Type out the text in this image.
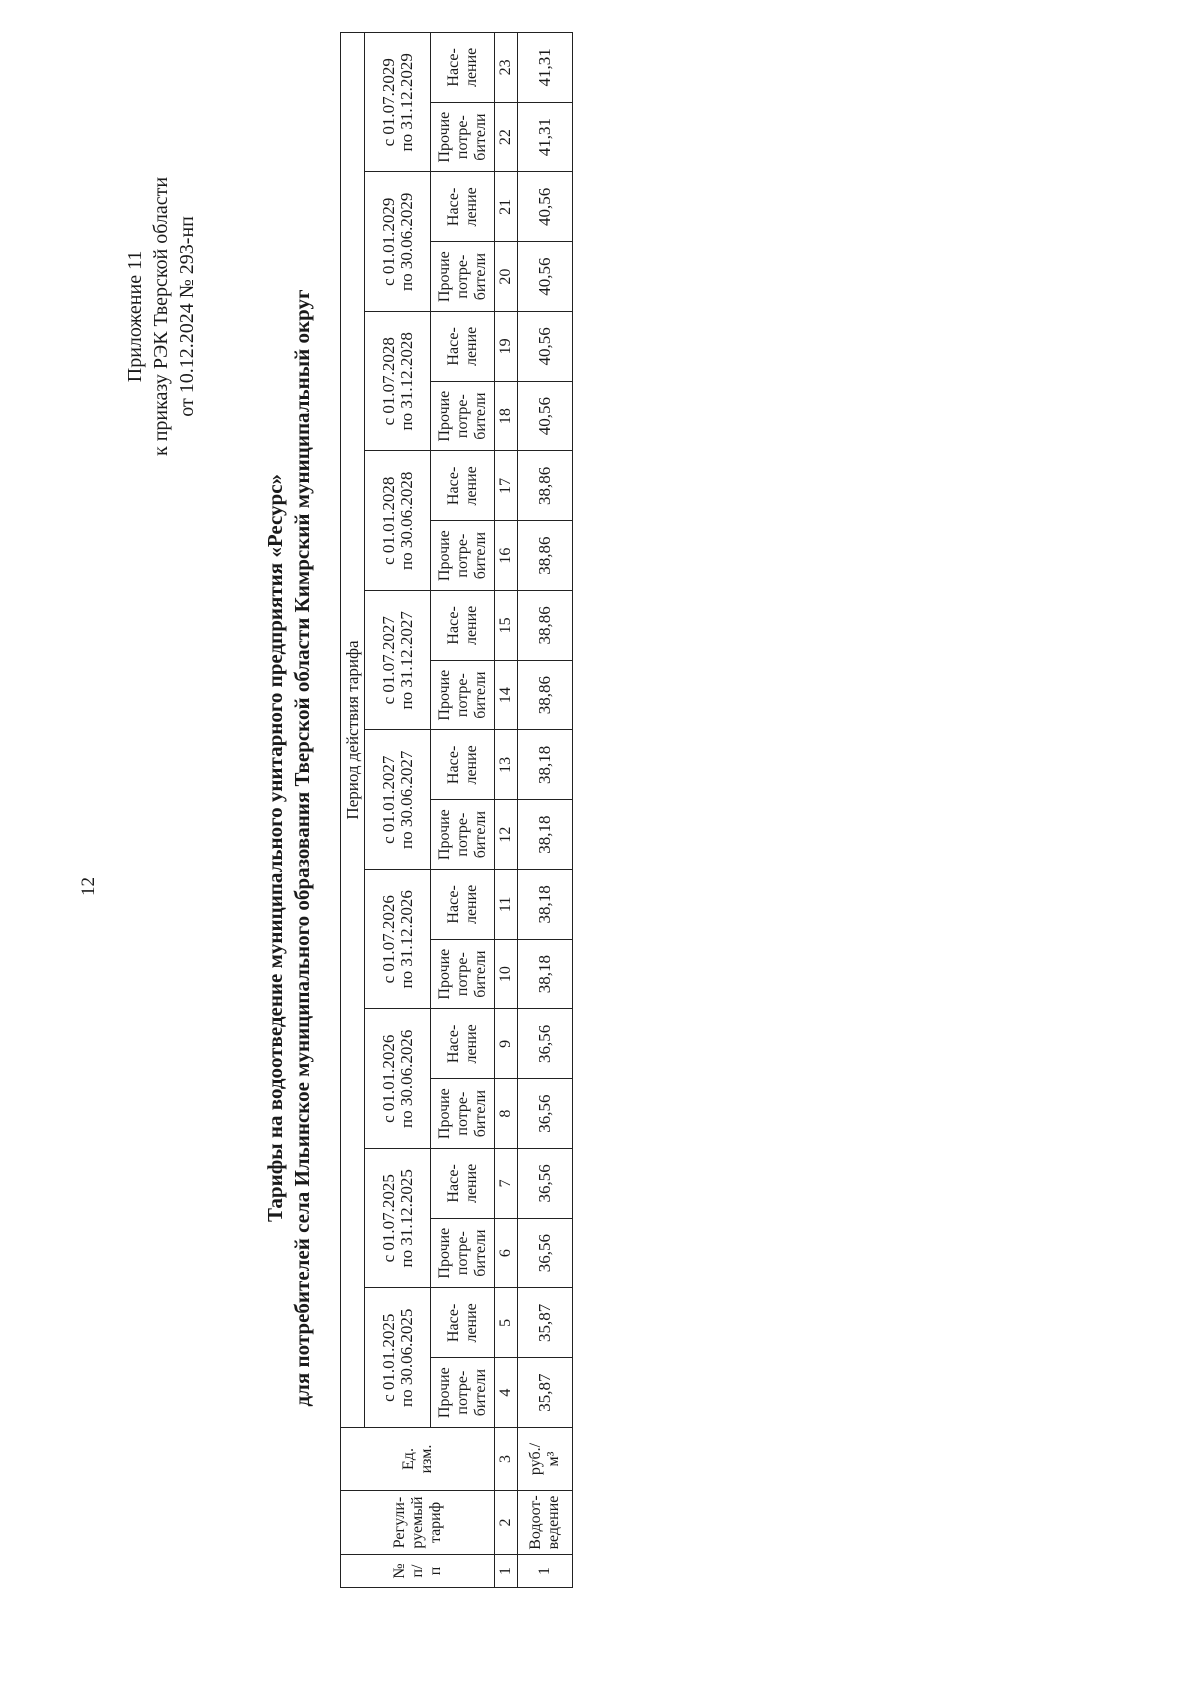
12
Приложение 11 к приказу РЭК Тверской области от 10.12.2024 № 293-нп
Тарифы на водоотведение муниципального унитарного предприятия «Ресурс» для потребителей села Ильинское муниципального образования Тверской области Кимрский муниципальный округ
№ п/ п	Регули- руемый тариф	Ед. изм.	Период действия тарифа																			

			с 01.01.2025 по 30.06.2025		с 01.07.2025 по 31.12.2025		с 01.01.2026 по 30.06.2026		с 01.07.2026 по 31.12.2026		с 01.01.2027 по 30.06.2027		с 01.07.2027 по 31.12.2027		с 01.01.2028 по 30.06.2028		с 01.07.2028 по 31.12.2028		с 01.01.2029 по 30.06.2029		с 01.07.2029 по 31.12.2029	

			Прочие потре- бители	Насе- ление	Прочие потре- бители	Насе- ление	Прочие потре- бители	Насе- ление	Прочие потре- бители	Насе- ление	Прочие потре- бители	Насе- ление	Прочие потре- бители	Насе- ление	Прочие потре- бители	Насе- ление	Прочие потре- бители	Насе- ление	Прочие потре- бители	Насе- ление	Прочие потре- бители	Насе- ление

1	2	3	4	5	6	7	8	9	10	11	12	13	14	15	16	17	18	19	20	21	22	23
1	Водоот- ведение	руб./ м³	35,87	35,87	36,56	36,56	36,56	36,56	38,18	38,18	38,18	38,18	38,86	38,86	38,86	38,86	40,56	40,56	40,56	40,56	41,31	41,31
